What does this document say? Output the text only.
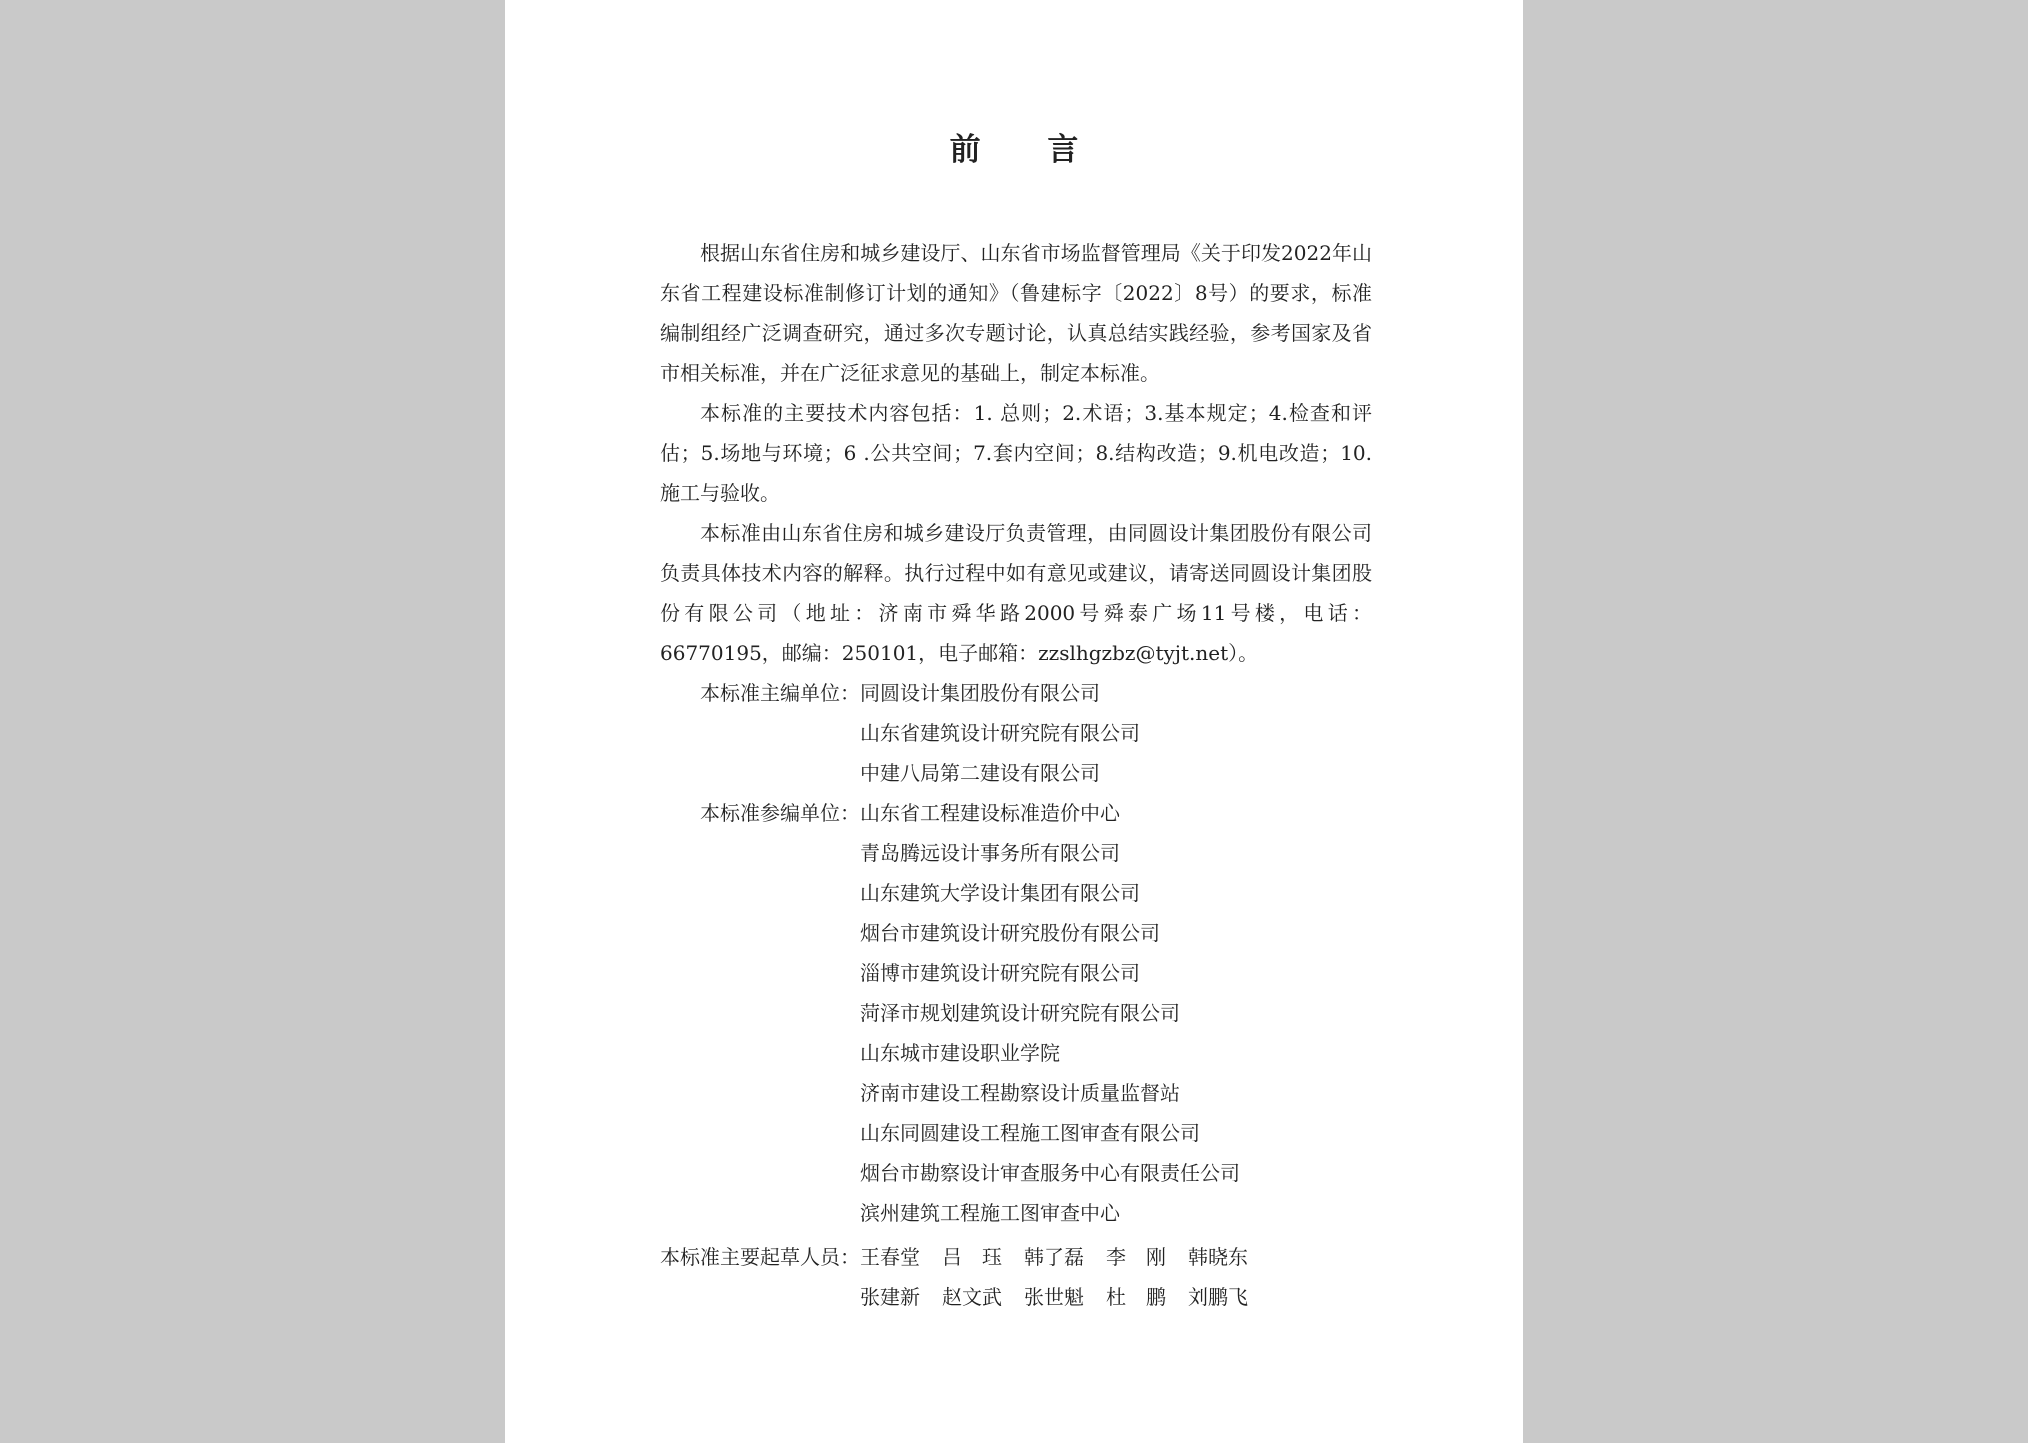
前 言

根据山东省住房和城乡建设厅、山东省市场监督管理局《关于印发2022年山东省工程建设标准制修订计划的通知》（鲁建标字〔2022〕8号）的要求，标准编制组经广泛调查研究，通过多次专题讨论，认真总结实践经验，参考国家及省市相关标准，并在广泛征求意见的基础上，制定本标准。

本标准的主要技术内容包括：1. 总则；2.术语；3.基本规定；4.检查和评估；5.场地与环境；6 .公共空间；7.套内空间；8.结构改造；9.机电改造；10.施工与验收。

本标准由山东省住房和城乡建设厅负责管理，由同圆设计集团股份有限公司负责具体技术内容的解释。执行过程中如有意见或建议，请寄送同圆设计集团股份有限公司（地址：济南市舜华路2000号舜泰广场11号楼，电话：66770195，邮编：250101，电子邮箱：zzslhgzbz@tyjt.net）。

本标准主编单位： 同圆设计集团股份有限公司
山东省建筑设计研究院有限公司
中建八局第二建设有限公司
本标准参编单位： 山东省工程建设标准造价中心
青岛腾远设计事务所有限公司
山东建筑大学设计集团有限公司
烟台市建筑设计研究股份有限公司
淄博市建筑设计研究院有限公司
菏泽市规划建筑设计研究院有限公司
山东城市建设职业学院
济南市建设工程勘察设计质量监督站
山东同圆建设工程施工图审查有限公司
烟台市勘察设计审查服务中心有限责任公司
滨州建筑工程施工图审查中心
本标准主要起草人员： 王春堂	吕　珏	韩了磊	李　刚	韩晓东
张建新	赵文武	张世魁	杜　鹏	刘鹏飞
